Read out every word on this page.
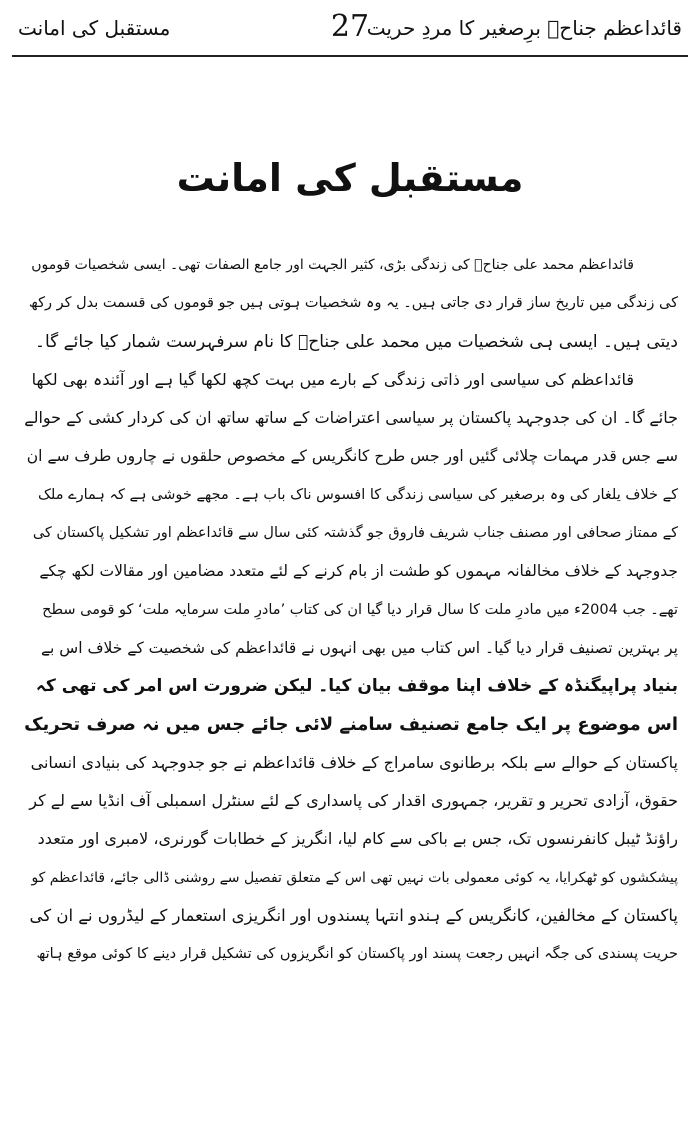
قائداعظم جناحؒ برِصغیر کا مردِ حریت
27
مستقبل کی امانت
مستقبل کی امانت
قائداعظم محمد علی جناحؒ کی زندگی بڑی، کثیر الجہت اور جامع الصفات تھی۔ ایسی شخصیات قوموں
کی زندگی میں تاریخ ساز قرار دی جاتی ہیں۔ یہ وہ شخصیات ہوتی ہیں جو قوموں کی قسمت بدل کر رکھ
دیتی ہیں۔ ایسی ہی شخصیات میں محمد علی جناحؒ کا نام سرفہرست شمار کیا جائے گا۔
قائداعظم کی سیاسی اور ذاتی زندگی کے بارے میں بہت کچھ لکھا گیا ہے اور آئندہ بھی لکھا
جائے گا۔ ان کی جدوجہد پاکستان پر سیاسی اعتراضات کے ساتھ ساتھ ان کی کردار کشی کے حوالے
سے جس قدر مہمات چلائی گئیں اور جس طرح کانگریس کے مخصوص حلقوں نے چاروں طرف سے ان
کے خلاف یلغار کی وہ برصغیر کی سیاسی زندگی کا افسوس ناک باب ہے۔ مجھے خوشی ہے کہ ہمارے ملک
کے ممتاز صحافی اور مصنف جناب شریف فاروق جو گذشتہ کئی سال سے قائداعظم اور تشکیل پاکستان کی
جدوجہد کے خلاف مخالفانہ مہموں کو طشت از بام کرنے کے لئے متعدد مضامین اور مقالات لکھ چکے
تھے۔ جب 2004ء میں مادرِ ملت کا سال قرار دیا گیا ان کی کتاب ’مادرِ ملت سرمایہ ملت‘ کو قومی سطح
پر بہترین تصنیف قرار دیا گیا۔ اس کتاب میں بھی انہوں نے قائداعظم کی شخصیت کے خلاف اس بے
بنیاد پراپیگنڈہ کے خلاف اپنا موقف بیان کیا۔ لیکن ضرورت اس امر کی تھی کہ
اس موضوع پر ایک جامع تصنیف سامنے لائی جائے جس میں نہ صرف تحریک
پاکستان کے حوالے سے بلکہ برطانوی سامراج کے خلاف قائداعظم نے جو جدوجہد کی بنیادی انسانی
حقوق، آزادی تحریر و تقریر، جمہوری اقدار کی پاسداری کے لئے سنٹرل اسمبلی آف انڈیا سے لے کر
راؤنڈ ٹیبل کانفرنسوں تک، جس بے باکی سے کام لیا، انگریز کے خطابات گورنری، لامبری اور متعدد
پیشکشوں کو ٹھکرایا، یہ کوئی معمولی بات نہیں تھی اس کے متعلق تفصیل سے روشنی ڈالی جائے، قائداعظم کو
پاکستان کے مخالفین، کانگریس کے ہندو انتہا پسندوں اور انگریزی استعمار کے لیڈروں نے ان کی
حریت پسندی کی جگہ انہیں رجعت پسند اور پاکستان کو انگریزوں کی تشکیل قرار دینے کا کوئی موقع ہاتھ
